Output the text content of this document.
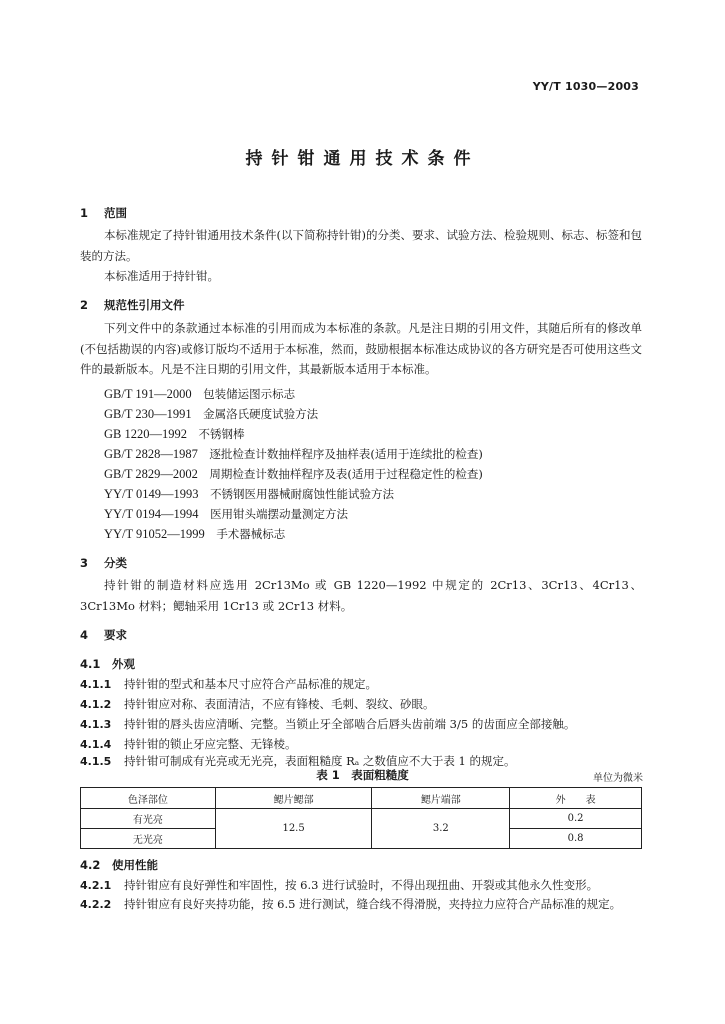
YY/T 1030—2003
持针钳通用技术条件
1 范围

本标准规定了持针钳通用技术条件(以下简称持针钳)的分类、要求、试验方法、检验规则、标志、标签和包装的方法。

本标准适用于持针钳。

2 规范性引用文件

下列文件中的条款通过本标准的引用而成为本标准的条款。凡是注日期的引用文件，其随后所有的修改单(不包括勘误的内容)或修订版均不适用于本标准，然而，鼓励根据本标准达成协议的各方研究是否可使用这些文件的最新版本。凡是不注日期的引用文件，其最新版本适用于本标准。

GB/T 191—2000　 包装储运图示标志
GB/T 230—1991　 金属洛氏硬度试验方法
GB 1220—1992　 不锈钢棒
GB/T 2828—1987　 逐批检查计数抽样程序及抽样表(适用于连续批的检查)
GB/T 2829—2002　 周期检查计数抽样程序及表(适用于过程稳定性的检查)
YY/T 0149—1993　 不锈钢医用器械耐腐蚀性能试验方法
YY/T 0194—1994　 医用钳头端摆动量测定方法
YY/T 91052—1999　 手术器械标志
3 分类

持针钳的制造材料应选用 2Cr13Mo 或 GB 1220—1992 中规定的 2Cr13、3Cr13、4Cr13、3Cr13Mo 材料；鳃轴采用 1Cr13 或 2Cr13 材料。

4 要求
4.1 外观
4.1.1 持针钳的型式和基本尺寸应符合产品标准的规定。
4.1.2 持针钳应对称、表面清洁，不应有锋棱、毛刺、裂纹、砂眼。
4.1.3 持针钳的唇头齿应清晰、完整。当锁止牙全部啮合后唇头齿前端 3/5 的齿面应全部接触。
4.1.4 持针钳的锁止牙应完整、无锋棱。
4.1.5 持针钳可制成有光亮或无光亮，表面粗糙度 Rₐ 之数值应不大于表 1 的规定。
表 1　表面粗糙度	单位为微米
色泽部位	鳃片鳃部	鳃片端部	外　　表
有光亮	12.5	3.2	0.2
无光亮			0.8
4.2 使用性能
4.2.1 持针钳应有良好弹性和牢固性，按 6.3 进行试验时，不得出现扭曲、开裂或其他永久性变形。
4.2.2 持针钳应有良好夹持功能，按 6.5 进行测试，缝合线不得滑脱，夹持拉力应符合产品标准的规定。
